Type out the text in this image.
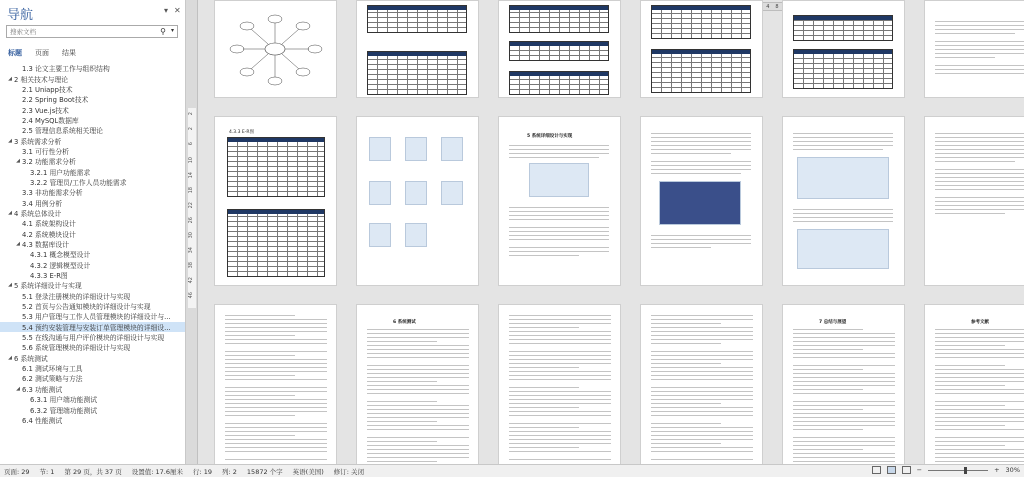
导航	▾ ✕
搜索文档
⚲ ▾
标题 页面 结果
1.3 论文主要工作与组织结构
◢ 2 相关技术与理论
2.1 Uniapp技术
2.2 Spring Boot技术
2.3 Vue.js技术
2.4 MySQL数据库
2.5 管理信息系统相关理论
◢ 3 系统需求分析
3.1 可行性分析
◢ 3.2 功能需求分析
3.2.1 用户功能需求
3.2.2 管理员/工作人员功能需求
3.3 非功能需求分析
3.4 用例分析
◢ 4 系统总体设计
4.1 系统架构设计
4.2 系统模块设计
◢ 4.3 数据库设计
4.3.1 概念模型设计
4.3.2 逻辑模型设计
4.3.3 E-R图
◢ 5 系统详细设计与实现
5.1 登录注册模块的详细设计与实现
5.2 首页与公告通知模块的详细设计与实现
5.3 用户管理与工作人员管理模块的详细设计与...
5.4 预约安装管理与安装订单管理模块的详细设...
5.5 在线沟通与用户评价模块的详细设计与实现
5.6 系统管理模块的详细设计与实现
◢ 6 系统测试
6.1 测试环境与工具
6.2 测试策略与方法
◢ 6.3 功能测试
6.3.1 用户端功能测试
6.3.2 管理端功能测试
6.4 性能测试
2
2
6
10
14
18
22
26
30
34
38
42
46
4	8
4.3.3 E-R图
5 系统详细设计与实现
6 系统测试	7 总结与展望	参考文献
页面: 29 节: 1 第 29 页，共 37 页 设置值: 17.6厘米 行: 19 列: 2 15872 个字 英语(美国) 修订: 关闭	−	+ 30%
